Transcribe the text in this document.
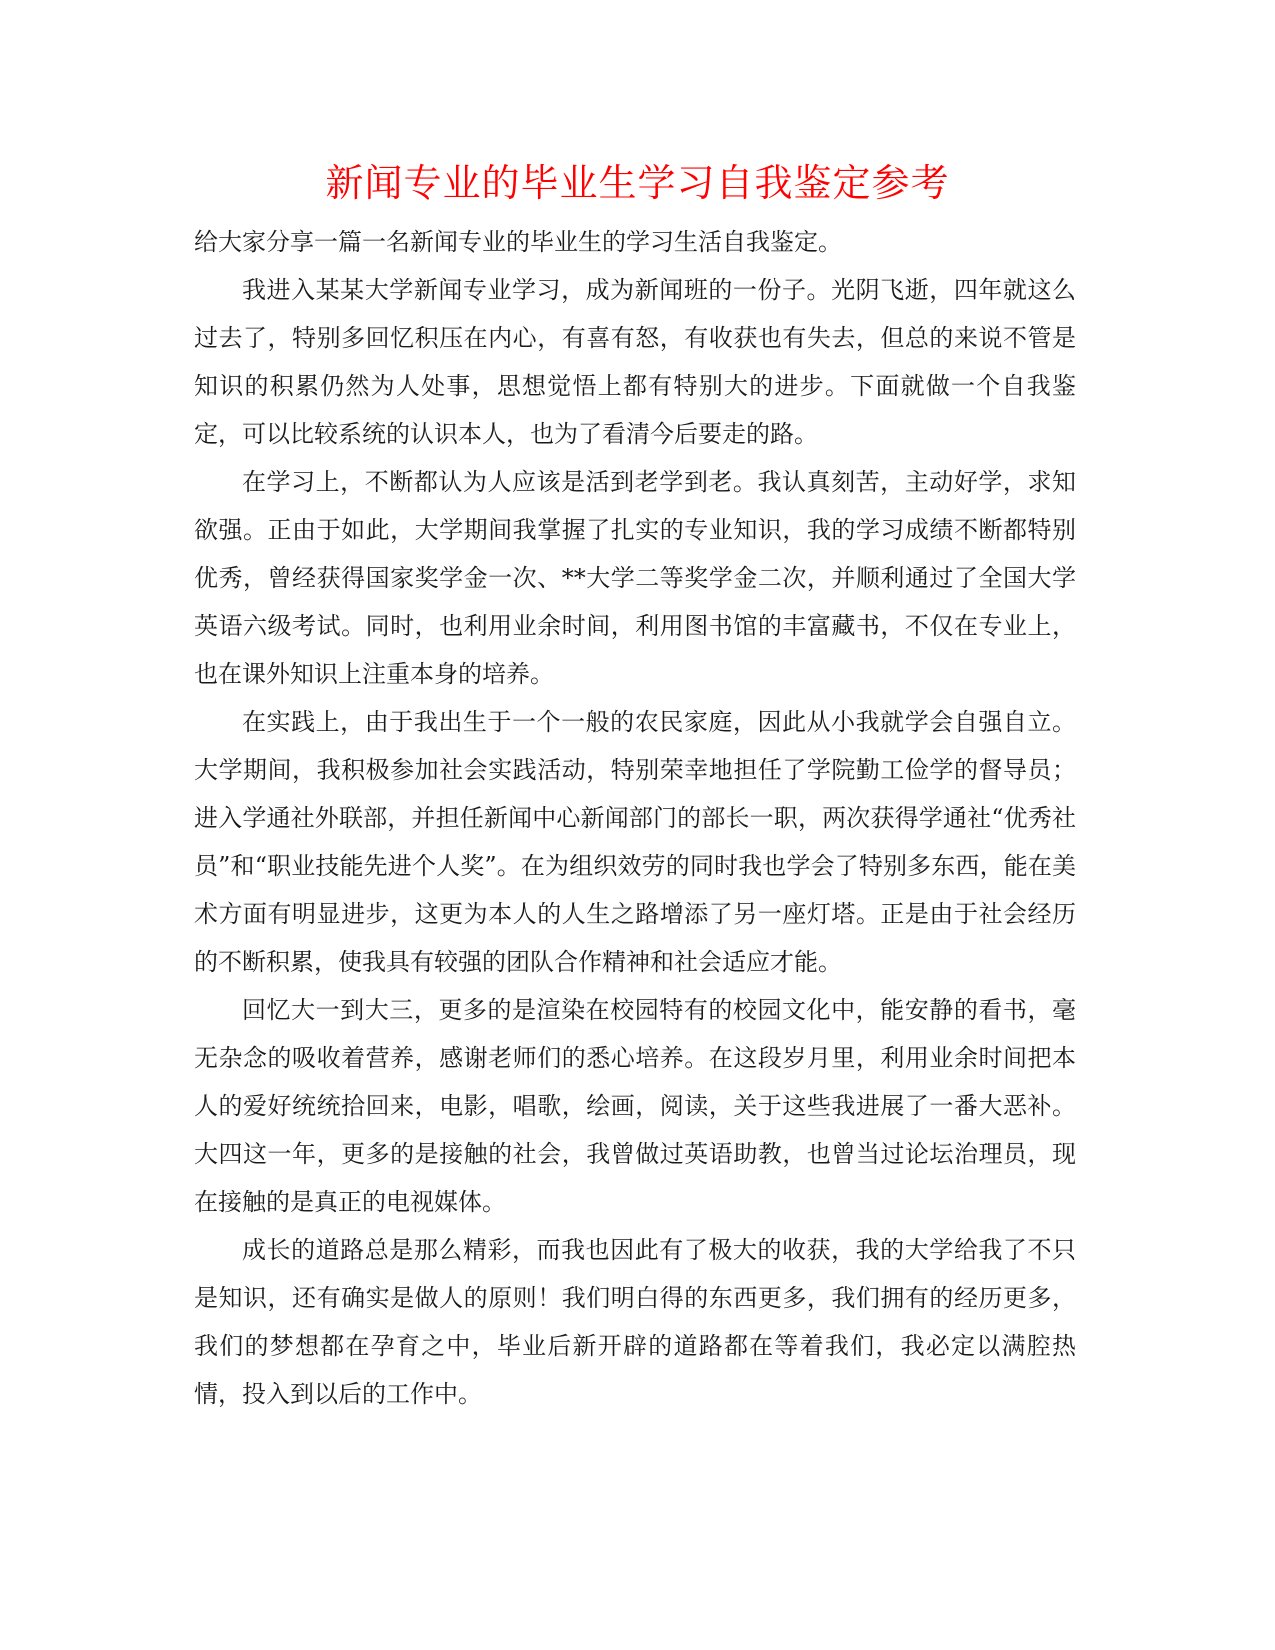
新闻专业的毕业生学习自我鉴定参考

给大家分享一篇一名新闻专业的毕业生的学习生活自我鉴定。

我进入某某大学新闻专业学习，成为新闻班的一份子。光阴飞逝，四年就这么过去了，特别多回忆积压在内心，有喜有怒，有收获也有失去，但总的来说不管是知识的积累仍然为人处事，思想觉悟上都有特别大的进步。下面就做一个自我鉴定，可以比较系统的认识本人，也为了看清今后要走的路。

在学习上，不断都认为人应该是活到老学到老。我认真刻苦，主动好学，求知欲强。正由于如此，大学期间我掌握了扎实的专业知识，我的学习成绩不断都特别优秀，曾经获得国家奖学金一次、**大学二等奖学金二次，并顺利通过了全国大学英语六级考试。同时，也利用业余时间，利用图书馆的丰富藏书，不仅在专业上，也在课外知识上注重本身的培养。

在实践上，由于我出生于一个一般的农民家庭，因此从小我就学会自强自立。大学期间，我积极参加社会实践活动，特别荣幸地担任了学院勤工俭学的督导员；进入学通社外联部，并担任新闻中心新闻部门的部长一职，两次获得学通社“优秀社员”和“职业技能先进个人奖”。在为组织效劳的同时我也学会了特别多东西，能在美术方面有明显进步，这更为本人的人生之路增添了另一座灯塔。正是由于社会经历的不断积累，使我具有较强的团队合作精神和社会适应才能。

回忆大一到大三，更多的是渲染在校园特有的校园文化中，能安静的看书，毫无杂念的吸收着营养，感谢老师们的悉心培养。在这段岁月里，利用业余时间把本人的爱好统统拾回来，电影，唱歌，绘画，阅读，关于这些我进展了一番大恶补。大四这一年，更多的是接触的社会，我曾做过英语助教，也曾当过论坛治理员，现在接触的是真正的电视媒体。

成长的道路总是那么精彩，而我也因此有了极大的收获，我的大学给我了不只是知识，还有确实是做人的原则！我们明白得的东西更多，我们拥有的经历更多，我们的梦想都在孕育之中，毕业后新开辟的道路都在等着我们，我必定以满腔热情，投入到以后的工作中。
